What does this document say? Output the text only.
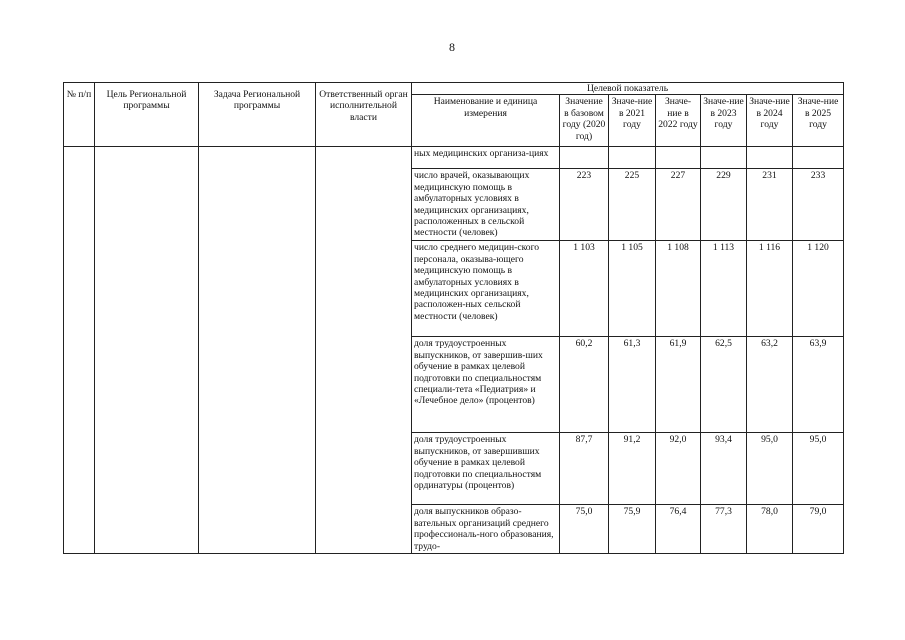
8
№ п/п	Цель Региональной программы	Задача Региональной программы	Ответственный орган исполнительной власти	Целевой показатель						
				Наименование и единица измерения	Значение в базовом году (2020 год)	Значе-ние в 2021 году	Значе-ние в 2022 году	Значе-ние в 2023 году	Значе-ние в 2024 году	Значе-ние в 2025 году
				ных медицинских организа-циях						
				число врачей, оказывающих медицинскую помощь в амбулаторных условиях в медицинских организациях, расположенных в сельской местности (человек)	223	225	227	229	231	233
				число среднего медицин-ского персонала, оказыва-ющего медицинскую помощь в амбулаторных условиях в медицинских организациях, расположен-ных сельской местности (человек)	1 103	1 105	1 108	1 113	1 116	1 120
				доля трудоустроенных выпускников, от завершив-ших обучение в рамках целевой подготовки по специальностям специали-тета «Педиатрия» и «Лечебное дело» (процентов)	60,2	61,3	61,9	62,5	63,2	63,9
				доля трудоустроенных выпускников, от завершивших обучение в рамках целевой подготовки по специальностям ординатуры (процентов)	87,7	91,2	92,0	93,4	95,0	95,0
				доля выпускников образо-вательных организаций среднего профессиональ-ного образования, трудо-	75,0	75,9	76,4	77,3	78,0	79,0
